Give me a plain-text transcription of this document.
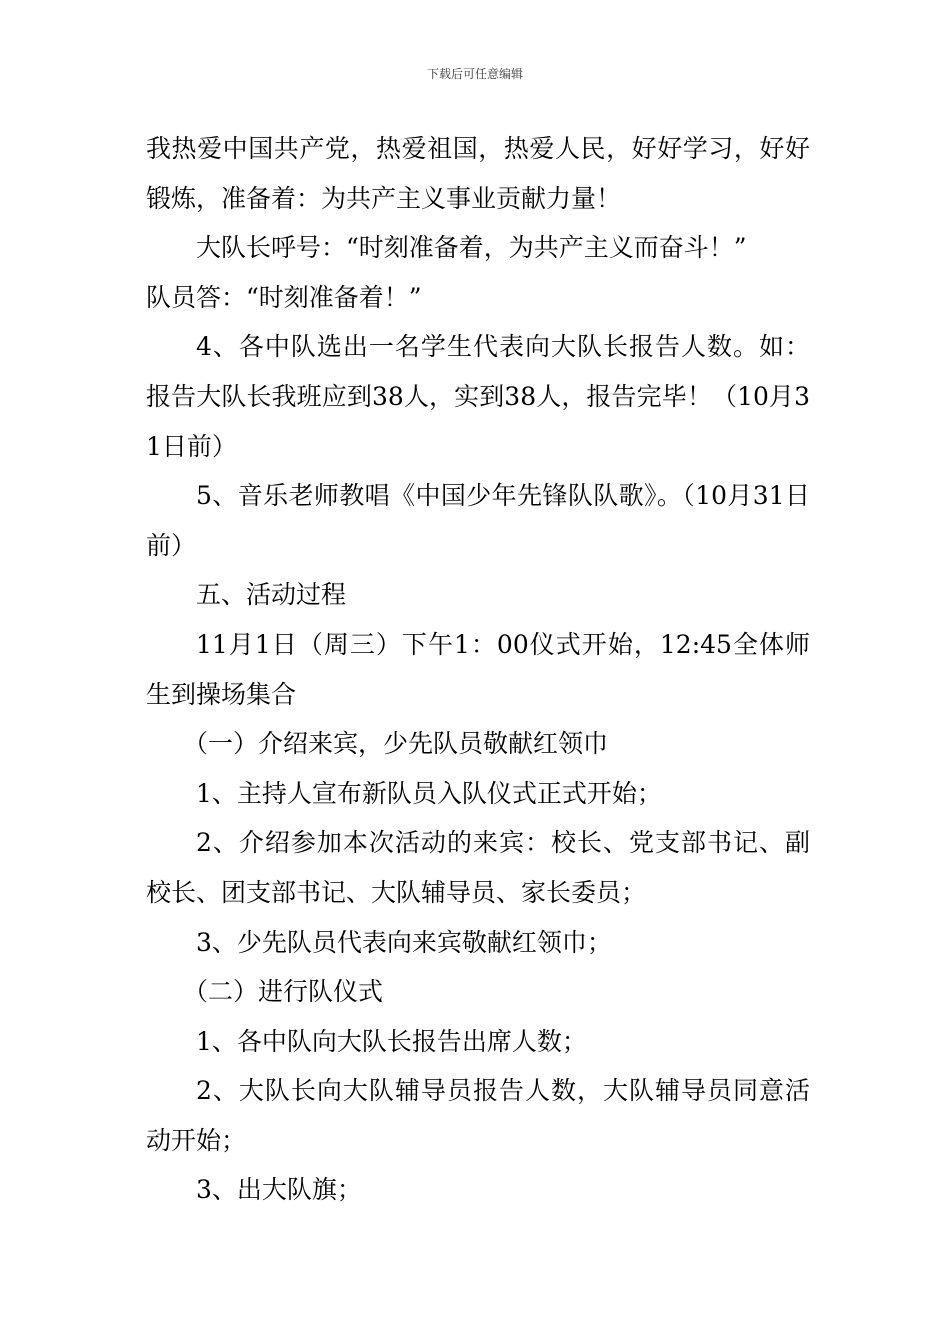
下载后可任意编辑

我热爱中国共产党，热爱祖国，热爱人民，好好学习，好好锻炼，准备着：为共产主义事业贡献力量！

大队长呼号：“时刻准备着，为共产主义而奋斗！”

队员答：“时刻准备着！”

4、各中队选出一名学生代表向大队长报告人数。如：报告大队长我班应到38人，实到38人，报告完毕！（10月31日前）

5、音乐老师教唱《中国少年先锋队队歌》。（10月31日前）

五、活动过程

11月1日（周三）下午1：00仪式开始，12:45全体师生到操场集合

（一）介绍来宾，少先队员敬献红领巾

1、主持人宣布新队员入队仪式正式开始；

2、介绍参加本次活动的来宾：校长、党支部书记、副校长、团支部书记、大队辅导员、家长委员；

3、少先队员代表向来宾敬献红领巾；

（二）进行队仪式

1、各中队向大队长报告出席人数；

2、大队长向大队辅导员报告人数，大队辅导员同意活动开始；

3、出大队旗；
